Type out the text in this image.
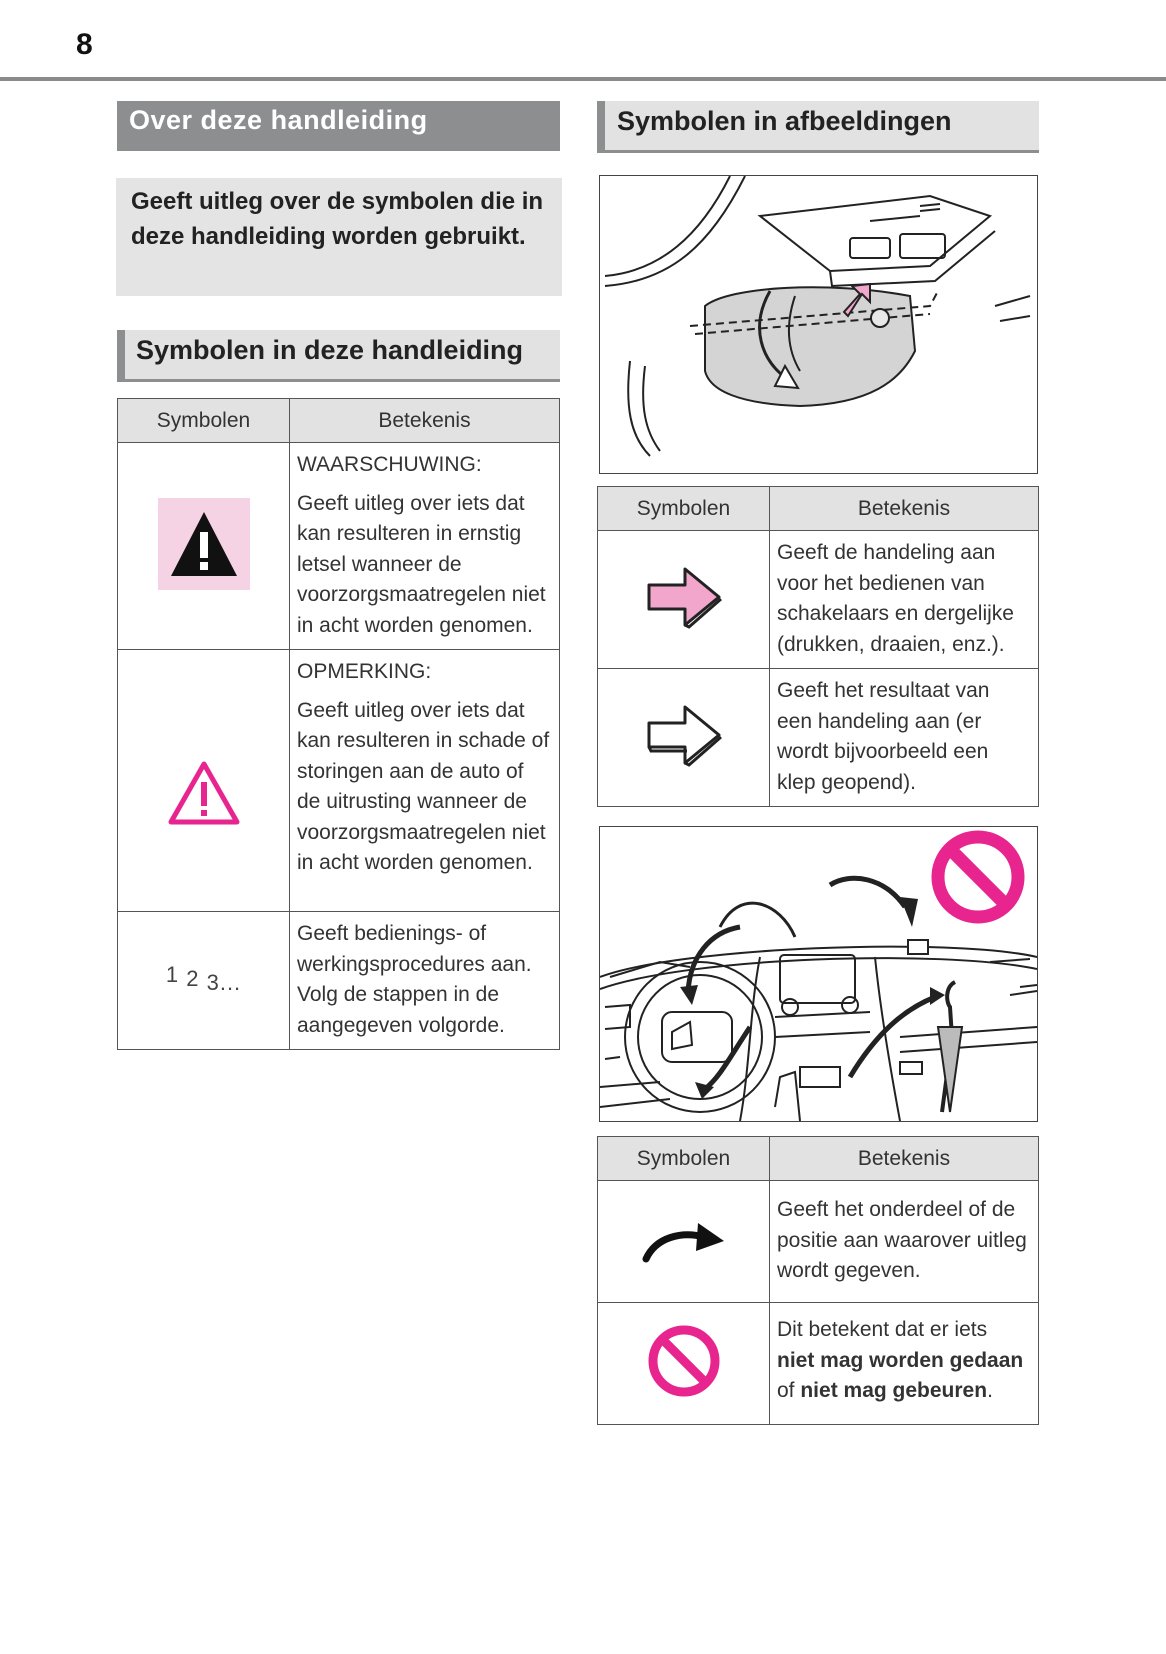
8
Over deze handleiding
Geeft uitleg over de symbolen die in deze handleiding worden gebruikt.
Symbolen in deze handleiding
Symbolen	Betekenis

WAARSCHUWING:
Geeft uitleg over iets dat kan resulteren in ernstig letsel wanneer de voorzorgsmaatregelen niet in acht worden genomen.

OPMERKING:
Geeft uitleg over iets dat kan resulteren in schade of storingen aan de auto of de uitrusting wanneer de voorzorgsmaatregelen niet in acht worden genomen.

1 2 3...	Geeft bedienings- of werkingsprocedures aan. Volg de stappen in de aangegeven volgorde.
Symbolen in afbeeldingen
Symbolen	Betekenis
	Geeft de handeling aan voor het bedienen van schakelaars en dergelijke (drukken, draaien, enz.).
	Geeft het resultaat van een handeling aan (er wordt bijvoorbeeld een klep geopend).
Symbolen	Betekenis
	Geeft het onderdeel of de positie aan waarover uitleg wordt gegeven.
	Dit betekent dat er iets niet mag worden gedaan of niet mag gebeuren.
